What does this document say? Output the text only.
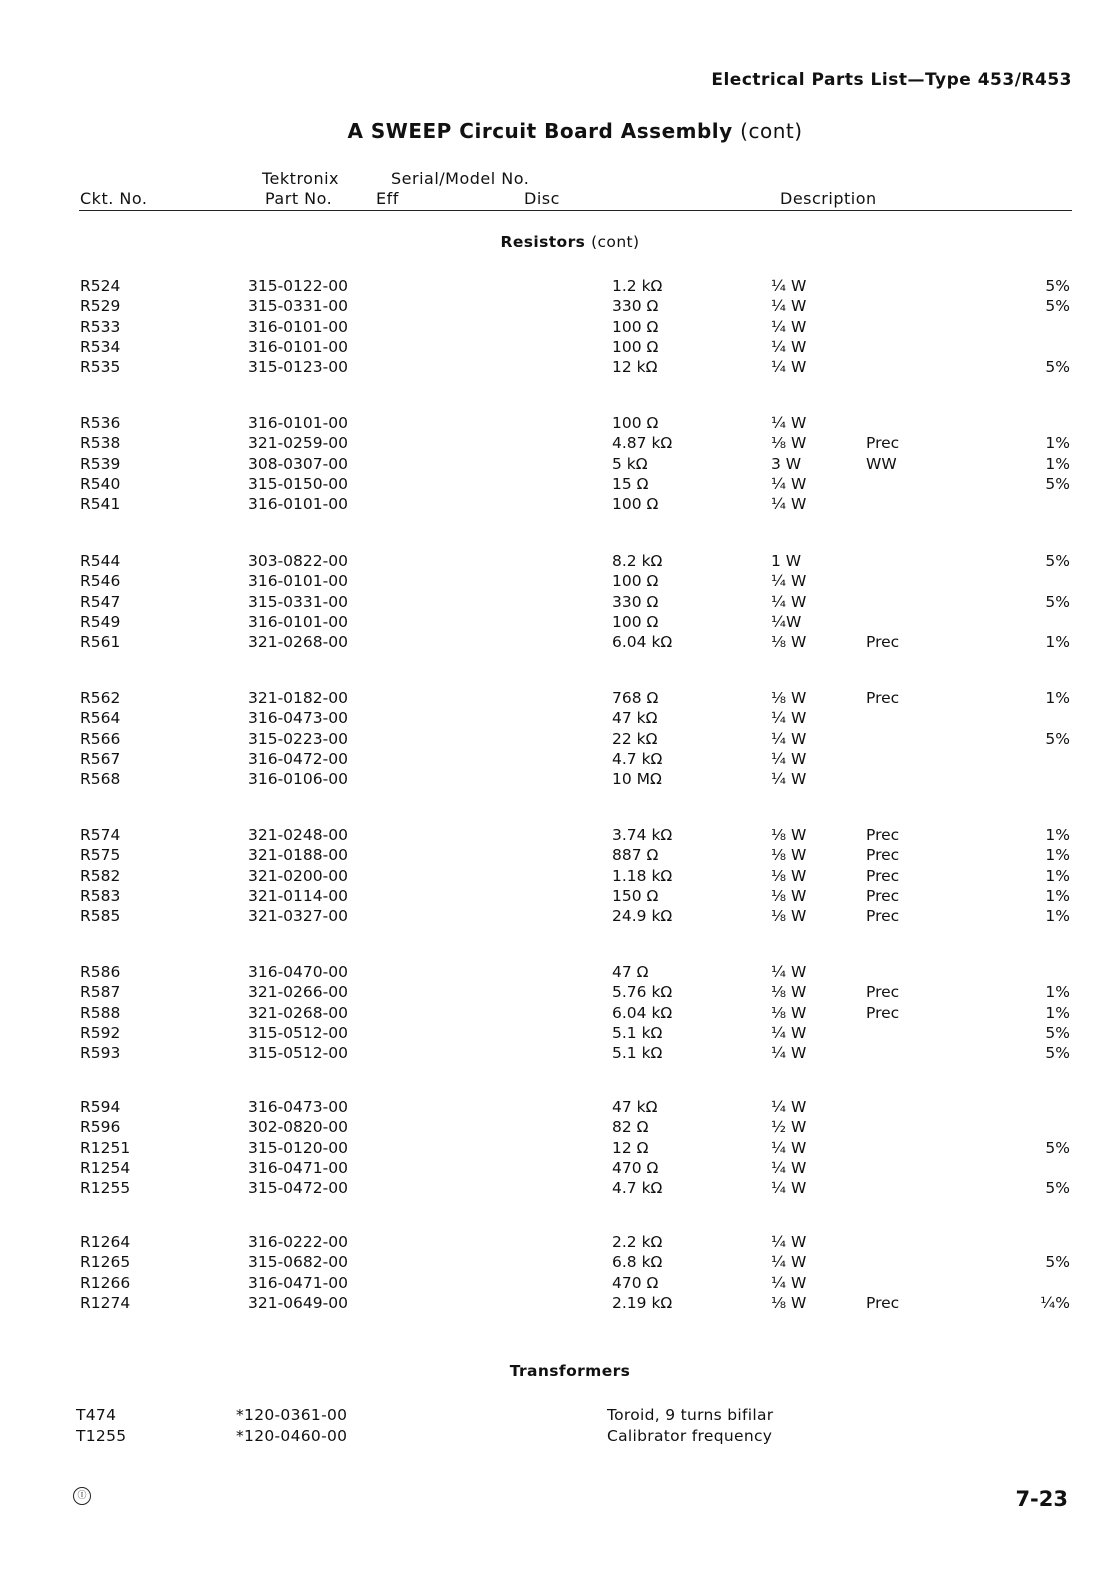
Electrical Parts List—Type 453/R453
A SWEEP Circuit Board Assembly (cont)
Ckt. No.
Tektronix
Part No.
Serial/Model No.
Eff	Disc	Description
Resistors (cont)
R524	315-0122-00	1.2 kΩ	¼ W	5%
R529	315-0331-00	330 Ω	¼ W	5%
R533	316-0101-00	100 Ω	¼ W
R534	316-0101-00	100 Ω	¼ W
R535	315-0123-00	12 kΩ	¼ W	5%
R536	316-0101-00	100 Ω	¼ W
R538	321-0259-00	4.87 kΩ	⅛ W	Prec	1%
R539	308-0307-00	5 kΩ	3 W	WW	1%
R540	315-0150-00	15 Ω	¼ W	5%
R541	316-0101-00	100 Ω	¼ W
R544	303-0822-00	8.2 kΩ	1 W	5%
R546	316-0101-00	100 Ω	¼ W
R547	315-0331-00	330 Ω	¼ W	5%
R549	316-0101-00	100 Ω	¼W
R561	321-0268-00	6.04 kΩ	⅛ W	Prec	1%
R562	321-0182-00	768 Ω	⅛ W	Prec	1%
R564	316-0473-00	47 kΩ	¼ W
R566	315-0223-00	22 kΩ	¼ W	5%
R567	316-0472-00	4.7 kΩ	¼ W
R568	316-0106-00	10 MΩ	¼ W
R574	321-0248-00	3.74 kΩ	⅛ W	Prec	1%
R575	321-0188-00	887 Ω	⅛ W	Prec	1%
R582	321-0200-00	1.18 kΩ	⅛ W	Prec	1%
R583	321-0114-00	150 Ω	⅛ W	Prec	1%
R585	321-0327-00	24.9 kΩ	⅛ W	Prec	1%
R586	316-0470-00	47 Ω	¼ W
R587	321-0266-00	5.76 kΩ	⅛ W	Prec	1%
R588	321-0268-00	6.04 kΩ	⅛ W	Prec	1%
R592	315-0512-00	5.1 kΩ	¼ W	5%
R593	315-0512-00	5.1 kΩ	¼ W	5%
R594	316-0473-00	47 kΩ	¼ W
R596	302-0820-00	82 Ω	½ W
R1251	315-0120-00	12 Ω	¼ W	5%
R1254	316-0471-00	470 Ω	¼ W
R1255	315-0472-00	4.7 kΩ	¼ W	5%
R1264	316-0222-00	2.2 kΩ	¼ W
R1265	315-0682-00	6.8 kΩ	¼ W	5%
R1266	316-0471-00	470 Ω	¼ W
R1274	321-0649-00	2.19 kΩ	⅛ W	Prec	¼%
Transformers
T474	*120-0361-00	Toroid, 9 turns bifilar
T1255	*120-0460-00	Calibrator frequency
Ⓘ	7-23
